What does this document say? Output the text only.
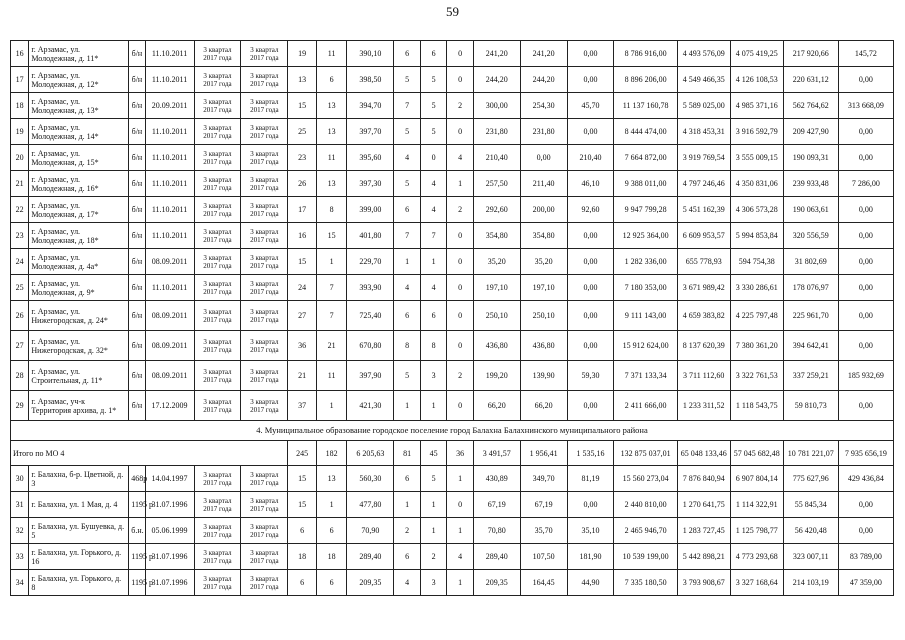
59
16	г. Арзамас, ул. Молодежная, д. 11*	б/н	11.10.2011	3 квартал 2017 года	3 квартал 2017 года	19	11	390,10	6	6	0	241,20	241,20	0,00	8 786 916,00	4 493 576,09	4 075 419,25	217 920,66	145,72
17	г. Арзамас, ул. Молодежная, д. 12*	б/н	11.10.2011	3 квартал 2017 года	3 квартал 2017 года	13	6	398,50	5	5	0	244,20	244,20	0,00	8 896 206,00	4 549 466,35	4 126 108,53	220 631,12	0,00
18	г. Арзамас, ул. Молодежная, д. 13*	б/н	20.09.2011	3 квартал 2017 года	3 квартал 2017 года	15	13	394,70	7	5	2	300,00	254,30	45,70	11 137 160,78	5 589 025,00	4 985 371,16	562 764,62	313 668,09
19	г. Арзамас, ул. Молодежная, д. 14*	б/н	11.10.2011	3 квартал 2017 года	3 квартал 2017 года	25	13	397,70	5	5	0	231,80	231,80	0,00	8 444 474,00	4 318 453,31	3 916 592,79	209 427,90	0,00
20	г. Арзамас, ул. Молодежная, д. 15*	б/н	11.10.2011	3 квартал 2017 года	3 квартал 2017 года	23	11	395,60	4	0	4	210,40	0,00	210,40	7 664 872,00	3 919 769,54	3 555 009,15	190 093,31	0,00
21	г. Арзамас, ул. Молодежная, д. 16*	б/н	11.10.2011	3 квартал 2017 года	3 квартал 2017 года	26	13	397,30	5	4	1	257,50	211,40	46,10	9 388 011,00	4 797 246,46	4 350 831,06	239 933,48	7 286,00
22	г. Арзамас, ул. Молодежная, д. 17*	б/н	11.10.2011	3 квартал 2017 года	3 квартал 2017 года	17	8	399,00	6	4	2	292,60	200,00	92,60	9 947 799,28	5 451 162,39	4 306 573,28	190 063,61	0,00
23	г. Арзамас, ул. Молодежная, д. 18*	б/н	11.10.2011	3 квартал 2017 года	3 квартал 2017 года	16	15	401,80	7	7	0	354,80	354,80	0,00	12 925 364,00	6 609 953,57	5 994 853,84	320 556,59	0,00
24	г. Арзамас, ул. Молодежная, д. 4а*	б/н	08.09.2011	3 квартал 2017 года	3 квартал 2017 года	15	1	229,70	1	1	0	35,20	35,20	0,00	1 282 336,00	655 778,93	594 754,38	31 802,69	0,00
25	г. Арзамас, ул. Молодежная, д. 9*	б/н	11.10.2011	3 квартал 2017 года	3 квартал 2017 года	24	7	393,90	4	4	0	197,10	197,10	0,00	7 180 353,00	3 671 989,42	3 330 286,61	178 076,97	0,00
26	г. Арзамас, ул. Нижегородская, д. 24*	б/н	08.09.2011	3 квартал 2017 года	3 квартал 2017 года	27	7	725,40	6	6	0	250,10	250,10	0,00	9 111 143,00	4 659 383,82	4 225 797,48	225 961,70	0,00
27	г. Арзамас, ул. Нижегородская, д. 32*	б/н	08.09.2011	3 квартал 2017 года	3 квартал 2017 года	36	21	670,80	8	8	0	436,80	436,80	0,00	15 912 624,00	8 137 620,39	7 380 361,20	394 642,41	0,00
28	г. Арзамас, ул. Строительная, д. 11*	б/н	08.09.2011	3 квартал 2017 года	3 квартал 2017 года	21	11	397,90	5	3	2	199,20	139,90	59,30	7 371 133,34	3 711 112,60	3 322 761,53	337 259,21	185 932,69
29	г. Арзамас, уч-к Территория архива, д. 1*	б/н	17.12.2009	3 квартал 2017 года	3 квартал 2017 года	37	1	421,30	1	1	0	66,20	66,20	0,00	2 411 666,00	1 233 311,52	1 118 543,75	59 810,73	0,00
4. Муниципальное образование городское поселение город Балахна Балахнинского муниципального района																			
Итого по МО 4						245	182	6 205,63	81	45	36	3 491,57	1 956,41	1 535,16	132 875 037,01	65 048 133,46	57 045 682,48	10 781 221,07	7 935 656,19
30	г. Балахна, б-р. Цветной, д. 3	468р	14.04.1997	3 квартал 2017 года	3 квартал 2017 года	15	13	560,30	6	5	1	430,89	349,70	81,19	15 560 273,04	7 876 840,94	6 907 804,14	775 627,96	429 436,84
31	г. Балахна, ул. 1 Мая, д. 4	1195 р	31.07.1996	3 квартал 2017 года	3 квартал 2017 года	15	1	477,80	1	1	0	67,19	67,19	0,00	2 440 810,00	1 270 641,75	1 114 322,91	55 845,34	0,00
32	г. Балахна, ул. Бушуевка, д. 5	б.н.	05.06.1999	3 квартал 2017 года	3 квартал 2017 года	6	6	70,90	2	1	1	70,80	35,70	35,10	2 465 946,70	1 283 727,45	1 125 798,77	56 420,48	0,00
33	г. Балахна, ул. Горького, д. 16	1195 р	31.07.1996	3 квартал 2017 года	3 квартал 2017 года	18	18	289,40	6	2	4	289,40	107,50	181,90	10 539 199,00	5 442 898,21	4 773 293,68	323 007,11	83 789,00
34	г. Балахна, ул. Горького, д. 8	1195 р	31.07.1996	3 квартал 2017 года	3 квартал 2017 года	6	6	209,35	4	3	1	209,35	164,45	44,90	7 335 180,50	3 793 908,67	3 327 168,64	214 103,19	47 359,00
